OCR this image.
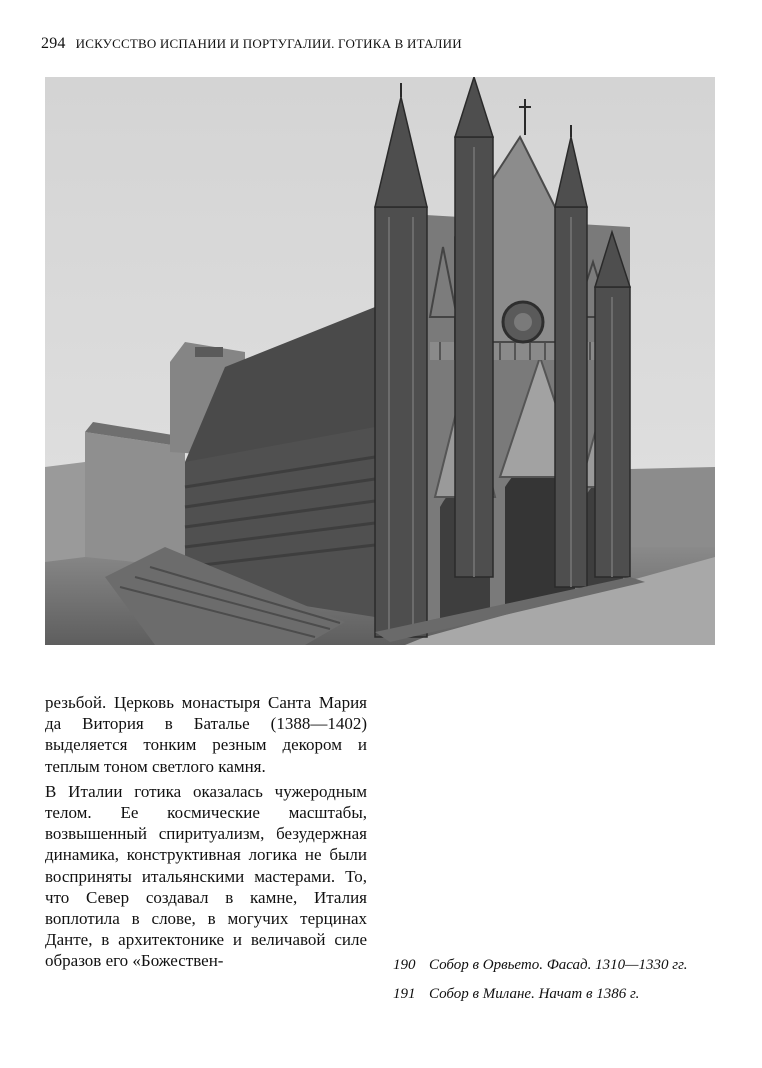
294 ИСКУССТВО ИСПАНИИ И ПОРТУГАЛИИ. ГОТИКА В ИТАЛИИ

резьбой. Церковь монастыря Санта Мария да Витория в Баталье (1388—1402) выделяется тонким резным декором и теплым тоном светлого камня.

В Италии готика оказалась чужеродным телом. Ее космические масштабы, возвышенный спиритуализм, безудержная динамика, конструктивная логика не были восприняты итальянскими мастерами. То, что Север создавал в камне, Италия воплотила в слове, в могучих терцинах Данте, в архитектонике и величавой силе образов его «Божествен-	190 Собор в Орвьето. Фасад. 1310—1330 гг.
191 Собор в Милане. Начат в 1386 г.
